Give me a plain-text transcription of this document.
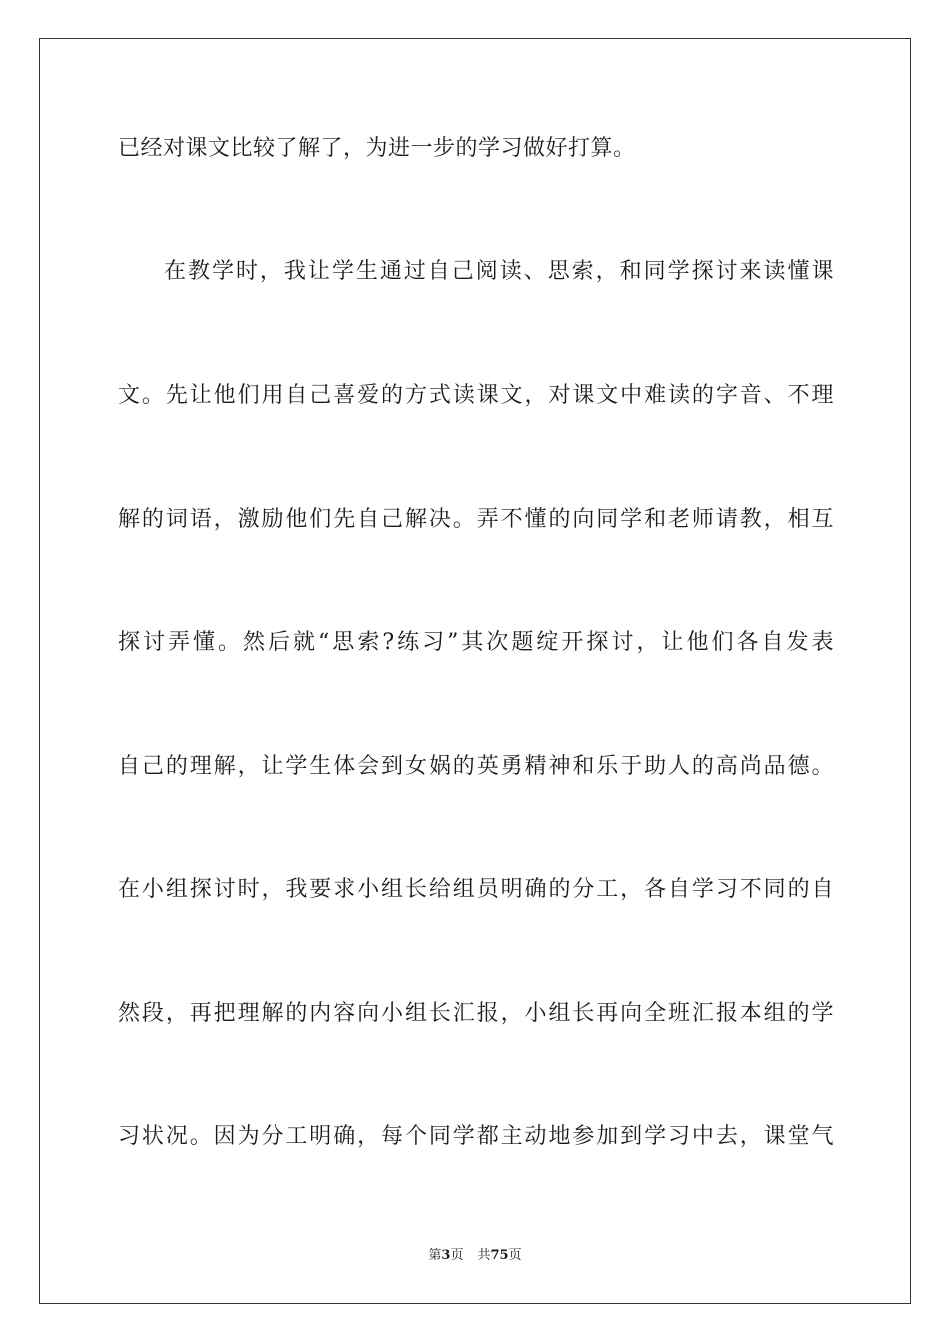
已经对课文比较了解了，为进一步的学习做好打算。
在教学时，我让学生通过自己阅读、思索，和同学探讨来读懂课
文。先让他们用自己喜爱的方式读课文，对课文中难读的字音、不理
解的词语，激励他们先自己解决。弄不懂的向同学和老师请教，相互
探讨弄懂。然后就“思索?练习”其次题绽开探讨，让他们各自发表
自己的理解，让学生体会到女娲的英勇精神和乐于助人的高尚品德。
在小组探讨时，我要求小组长给组员明确的分工，各自学习不同的自
然段，再把理解的内容向小组长汇报，小组长再向全班汇报本组的学
习状况。因为分工明确，每个同学都主动地参加到学习中去，课堂气
第3页 共75页
